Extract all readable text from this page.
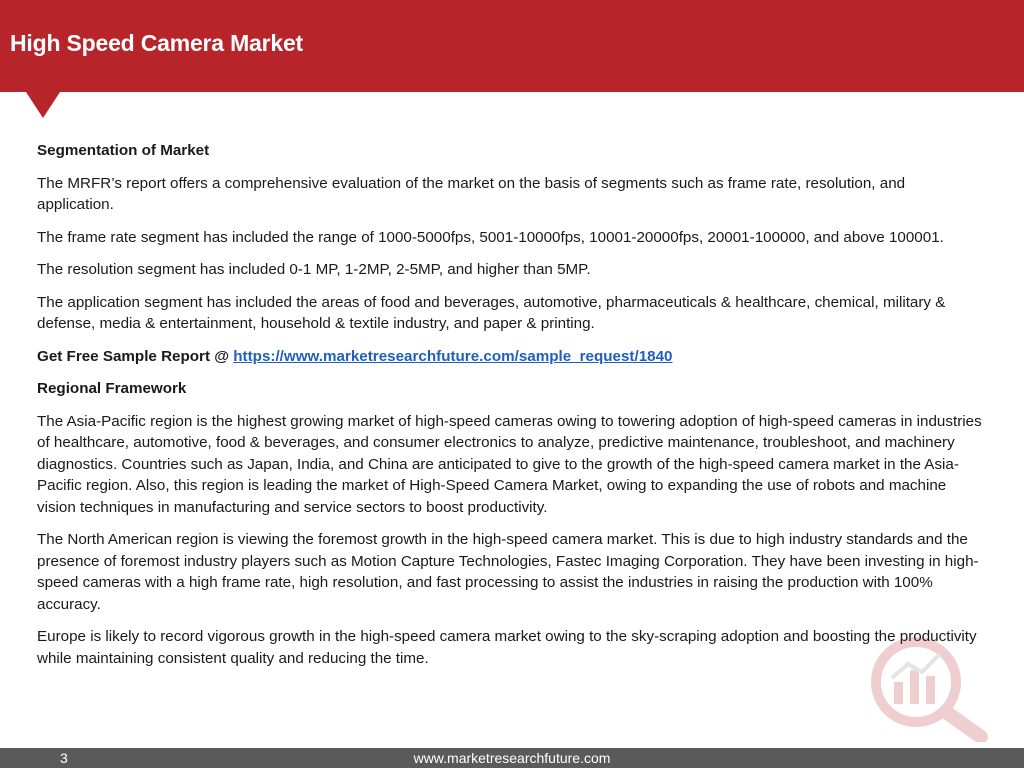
High Speed Camera Market

Segmentation of Market

The MRFR’s report offers a comprehensive evaluation of the market on the basis of segments such as frame rate, resolution, and application.

The frame rate segment has included the range of 1000-5000fps, 5001-10000fps, 10001-20000fps, 20001-100000, and above 100001.

The resolution segment has included 0-1 MP, 1-2MP, 2-5MP, and higher than 5MP.

The application segment has included the areas of food and beverages, automotive, pharmaceuticals & healthcare, chemical, military & defense, media & entertainment, household & textile industry, and paper & printing.

Get Free Sample Report @ https://www.marketresearchfuture.com/sample_request/1840

Regional Framework

The Asia-Pacific region is the highest growing market of high-speed cameras owing to towering adoption of high-speed cameras in industries of healthcare, automotive, food & beverages, and consumer electronics to analyze, predictive maintenance, troubleshoot, and machinery diagnostics. Countries such as Japan, India, and China are anticipated to give to the growth of the high-speed camera market in the Asia-Pacific region. Also, this region is leading the market of High-Speed Camera Market, owing to expanding the use of robots and machine vision techniques in manufacturing and service sectors to boost productivity.

The North American region is viewing the foremost growth in the high-speed camera market. This is due to high industry standards and the presence of foremost industry players such as Motion Capture Technologies, Fastec Imaging Corporation. They have been investing in high-speed cameras with a high frame rate, high resolution, and fast processing to assist the industries in raising the production with 100% accuracy.

Europe is likely to record vigorous growth in the high-speed camera market owing to the sky-scraping adoption and boosting the productivity while maintaining consistent quality and reducing the time.

3	www.marketresearchfuture.com
